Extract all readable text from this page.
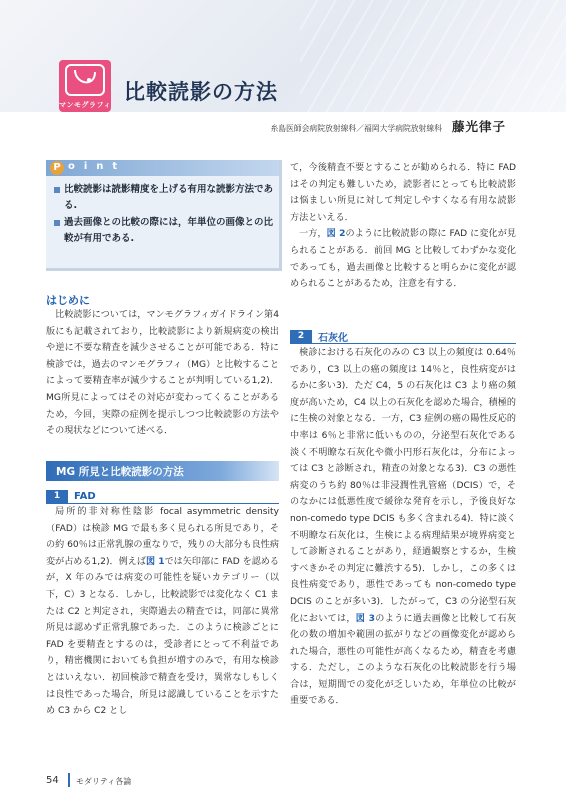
マンモグラフィ
比較読影の方法
糸島医師会病院放射線科／福岡大学病院放射線科 藤光律子
P oint
比較読影は読影精度を上げる有用な読影方法である.
過去画像との比較の際には，年単位の画像との比較が有用である.
はじめに

比較読影については，マンモグラフィガイドライン第4版にも記載されており，比較読影により新規病変の検出や逆に不要な精査を減少させることが可能である．特に検診では，過去のマンモグラフィ（MG）と比較することによって要精査率が減少することが判明している1,2)．MG所見によってはその対応が変わってくることがあるため，今回，実際の症例を提示しつつ比較読影の方法やその現状などについて述べる．

MG 所見と比較読影の方法
1	FAD

局所的非対称性陰影 focal asymmetric density（FAD）は検診 MG で最も多く見られる所見であり，その約 60％は正常乳腺の重なりで，残りの大部分も良性病変が占める1,2)．例えば図 1では矢印部に FAD を認めるが，X 年のみでは病変の可能性を疑いカテゴリー（以下，C）3 となる．しかし，比較読影では変化なく C1 または C2 と判定され，実際過去の精査では，同部に異常所見は認めず正常乳腺であった．このように検診ごとに FAD を要精査とするのは，受診者にとって不利益であり，精密機関においても負担が増すのみで，有用な検診とはいえない．初回検診で精査を受け，異常なしもしくは良性であった場合，所見は認識していることを示すため C3 から C2 とし

て，今後精査不要とすることが勧められる．特に FAD はその判定も難しいため，読影者にとっても比較読影は悩ましい所見に対して判定しやすくなる有用な読影方法といえる．

一方，図 2のように比較読影の際に FAD に変化が見られることがある．前回 MG と比較してわずかな変化であっても，過去画像と比較すると明らかに変化が認められることがあるため，注意を有する．

2	石灰化

検診における石灰化のみの C3 以上の頻度は 0.64％であり，C3 以上の癌の頻度は 14％と，良性病変がはるかに多い3)．ただ C4，5 の石灰化は C3 より癌の頻度が高いため，C4 以上の石灰化を認めた場合，積極的に生検の対象となる．一方，C3 症例の癌の陽性反応的中率は 6％と非常に低いものの，分泌型石灰化である淡く不明瞭な石灰化や微小円形石灰化は，分布によっては C3 と診断され，精査の対象となる3)．C3 の悪性病変のうち約 80％は非浸潤性乳管癌（DCIS）で，そのなかには低悪性度で緩徐な発育を示し，予後良好な non-comedo type DCIS も多く含まれる4)．特に淡く不明瞭な石灰化は，生検による病理結果が境界病変として診断されることがあり，経過観察とするか，生検すべきかその判定に難渋する5)．しかし，この多くは良性病変であり，悪性であっても non-comedo type DCIS のことが多い3)．したがって，C3 の分泌型石灰化においては，図 3のように過去画像と比較して石灰化の数の増加や範囲の拡がりなどの画像変化が認められた場合，悪性の可能性が高くなるため，精査を考慮する．ただし，このような石灰化の比較読影を行う場合は，短期間での変化が乏しいため，年単位の比較が重要である．

54 モダリティ各論
